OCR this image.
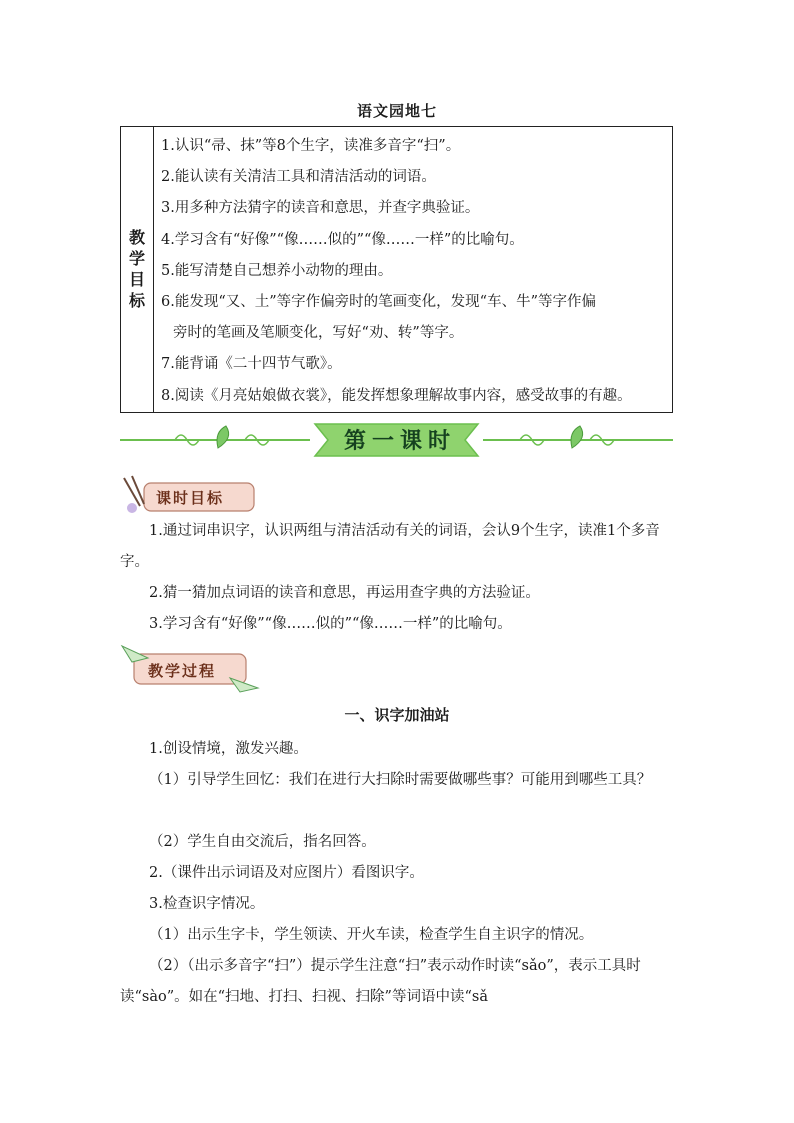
语文园地七
教学目标	
1.认识“帚、抹”等8个生字，读准多音字“扫”。
2.能认读有关清洁工具和清洁活动的词语。
3.用多种方法猜字的读音和意思，并查字典验证。
4.学习含有“好像”“像……似的”“像……一样”的比喻句。
5.能写清楚自己想养小动物的理由。
6.能发现“又、土”等字作偏旁时的笔画变化，发现“车、牛”等字作偏
旁时的笔画及笔顺变化，写好“劝、转”等字。
7.能背诵《二十四节气歌》。
8.阅读《月亮姑娘做衣裳》，能发挥想象理解故事内容，感受故事的有趣。
第一课时
课时目标
1.通过词串识字，认识两组与清洁活动有关的词语，会认9个生字，读准1个多音字。
2.猜一猜加点词语的读音和意思，再运用查字典的方法验证。
3.学习含有“好像”“像……似的”“像……一样”的比喻句。
教学过程
一、识字加油站
1.创设情境，激发兴趣。
（1）引导学生回忆：我们在进行大扫除时需要做哪些事？可能用到哪些工具？
（2）学生自由交流后，指名回答。
2.（课件出示词语及对应图片）看图识字。
3.检查识字情况。
（1）出示生字卡，学生领读、开火车读，检查学生自主识字的情况。
（2）（出示多音字“扫”）提示学生注意“扫”表示动作时读“sǎo”，表示工具时读“sào”。如在“扫地、打扫、扫视、扫除”等词语中读“sǎ
